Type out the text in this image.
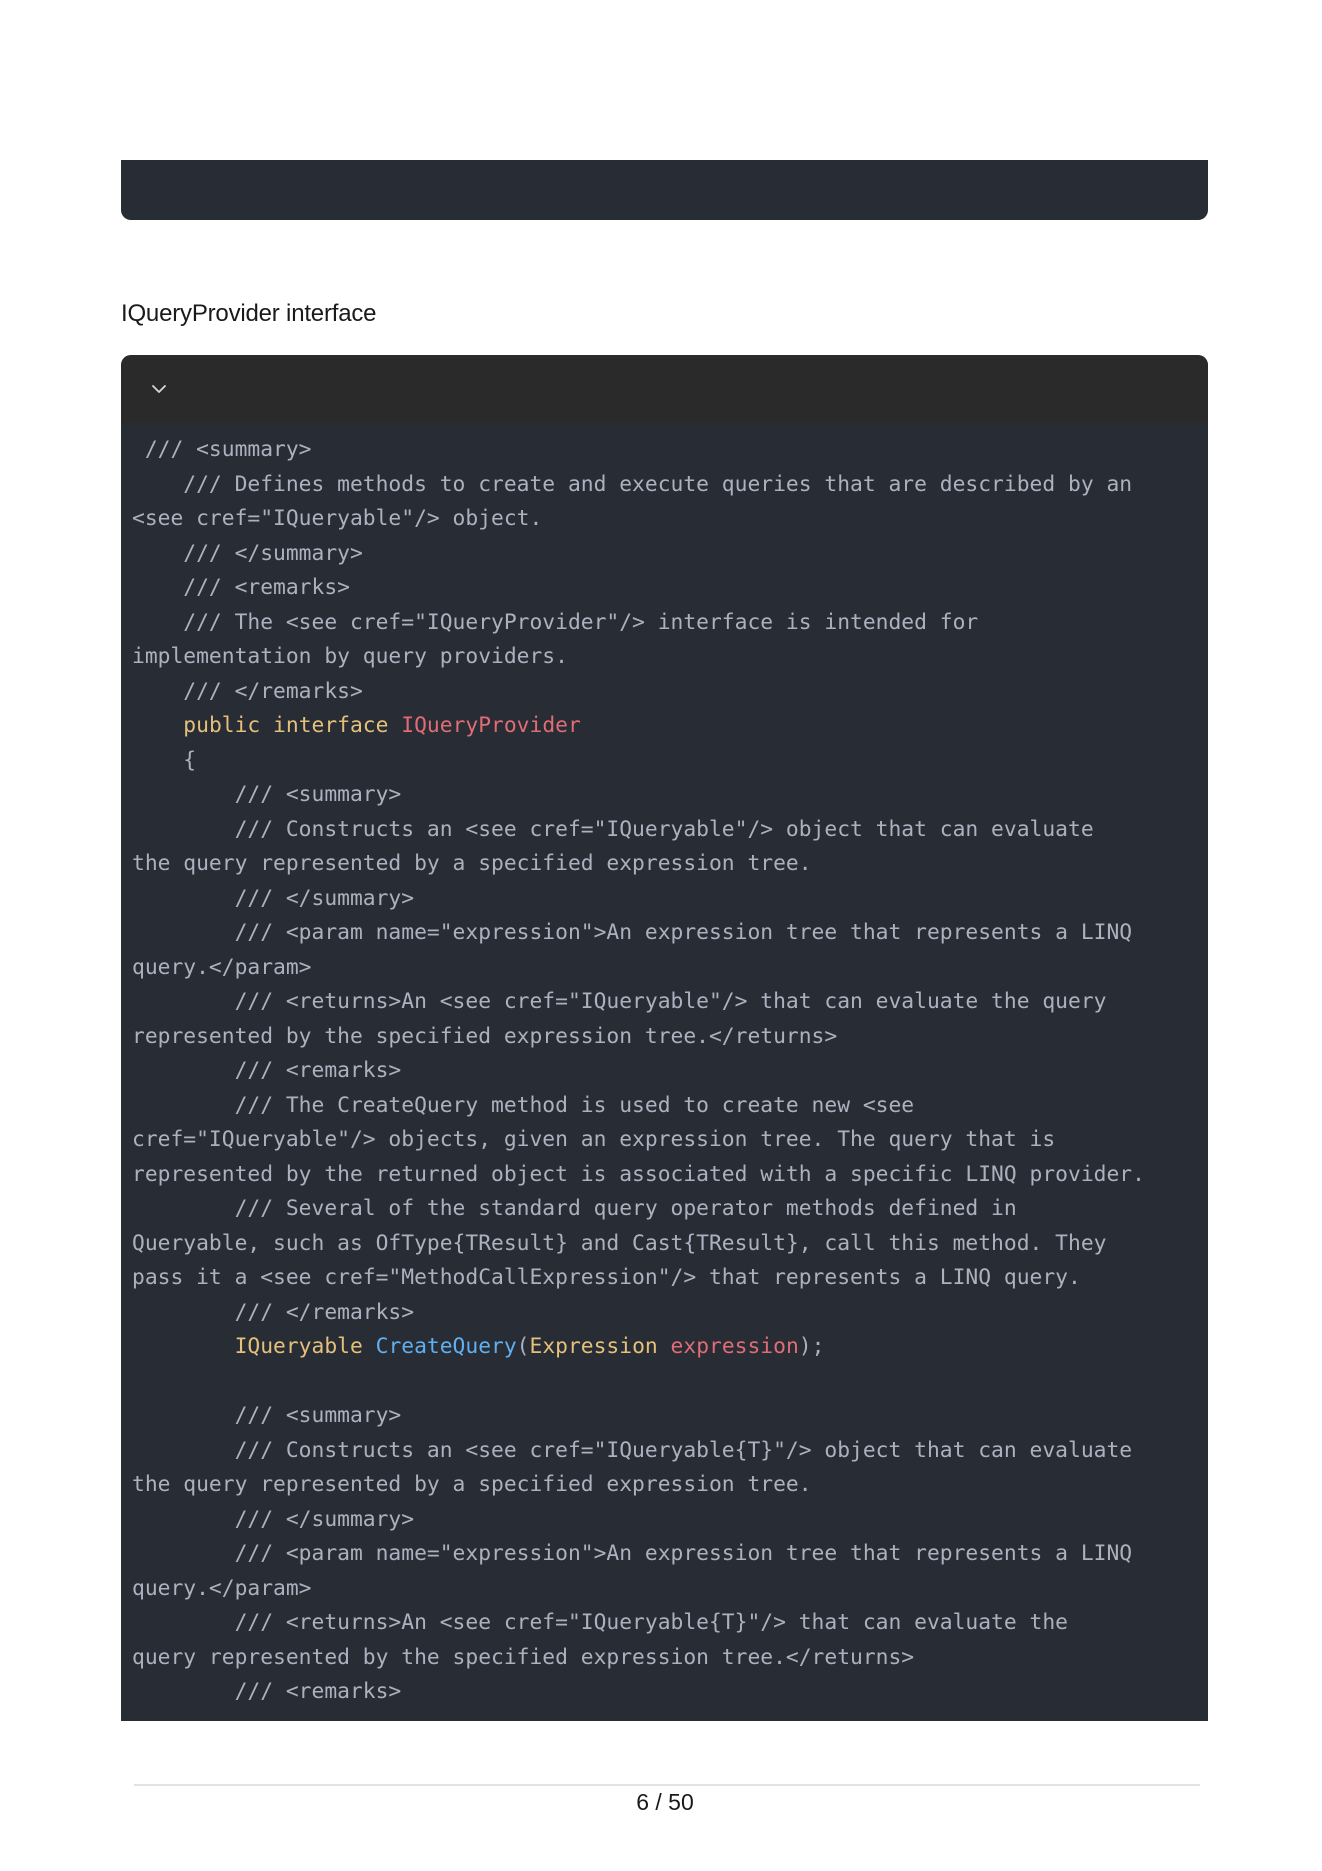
IQueryProvider interface
/// <summary>
/// Defines methods to create and execute queries that are described by an
<see cref="IQueryable"/> object.
/// </summary>
/// <remarks>
/// The <see cref="IQueryProvider"/> interface is intended for
implementation by query providers.
/// </remarks>
public interface IQueryProvider
{
/// <summary>
/// Constructs an <see cref="IQueryable"/> object that can evaluate
the query represented by a specified expression tree.
/// </summary>
/// <param name="expression">An expression tree that represents a LINQ
query.</param>
/// <returns>An <see cref="IQueryable"/> that can evaluate the query
represented by the specified expression tree.</returns>
/// <remarks>
/// The CreateQuery method is used to create new <see
cref="IQueryable"/> objects, given an expression tree. The query that is
represented by the returned object is associated with a specific LINQ provider.
/// Several of the standard query operator methods defined in
Queryable, such as OfType{TResult} and Cast{TResult}, call this method. They
pass it a <see cref="MethodCallExpression"/> that represents a LINQ query.
/// </remarks>
IQueryable CreateQuery(Expression expression);
/// <summary>
/// Constructs an <see cref="IQueryable{T}"/> object that can evaluate
the query represented by a specified expression tree.
/// </summary>
/// <param name="expression">An expression tree that represents a LINQ
query.</param>
/// <returns>An <see cref="IQueryable{T}"/> that can evaluate the
query represented by the specified expression tree.</returns>
/// <remarks>
6 / 50
